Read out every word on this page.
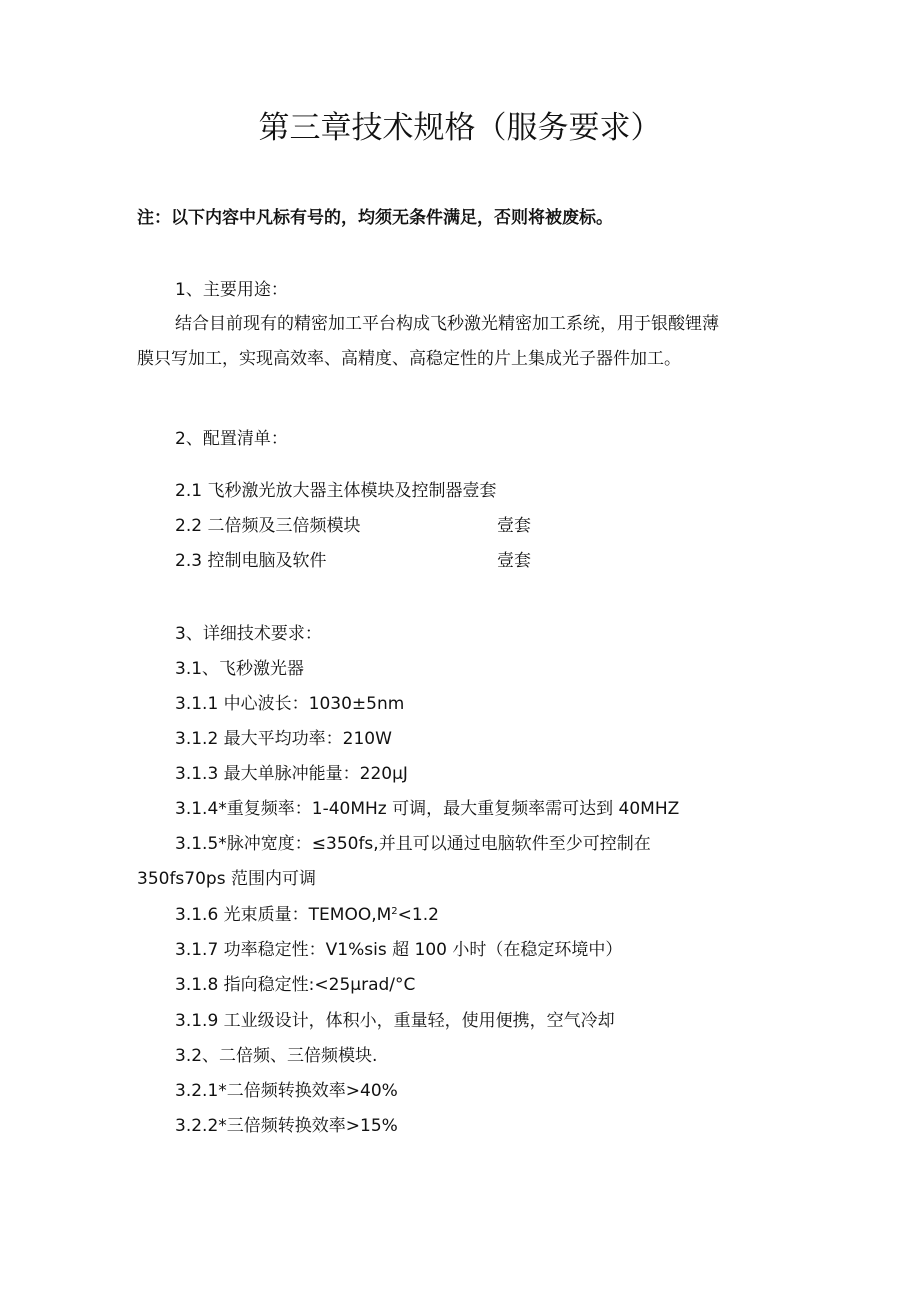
第三章技术规格（服务要求）
注：以下内容中凡标有号的，均须无条件满足，否则将被废标。
1、主要用途：
结合目前现有的精密加工平台构成飞秒激光精密加工系统，用于银酸锂薄
膜只写加工，实现高效率、高精度、高稳定性的片上集成光子器件加工。
2、配置清单：
2.1 飞秒激光放大器主体模块及控制器壹套
2.2 二倍频及三倍频模块	壹套
2.3 控制电脑及软件	壹套
3、详细技术要求：
3.1、飞秒激光器
3.1.1 中心波长：1030±5nm
3.1.2 最大平均功率：210W
3.1.3 最大单脉冲能量：220μJ
3.1.4*重复频率：1-40MHz 可调，最大重复频率需可达到 40MHZ
3.1.5*脉冲宽度：≤350fs,并且可以通过电脑软件至少可控制在
350fs70ps 范围内可调
3.1.6 光束质量：$TEMOO,M^2<1.2$
3.1.7 功率稳定性：V1%sis 超 100 小时（在稳定环境中）
3.1.8 指向稳定性:<25μrad/°C
3.1.9 工业级设计，体积小，重量轻，使用便携，空气冷却
3.2、二倍频、三倍频模块.
3.2.1*二倍频转换效率>40%
3.2.2*三倍频转换效率>15%
